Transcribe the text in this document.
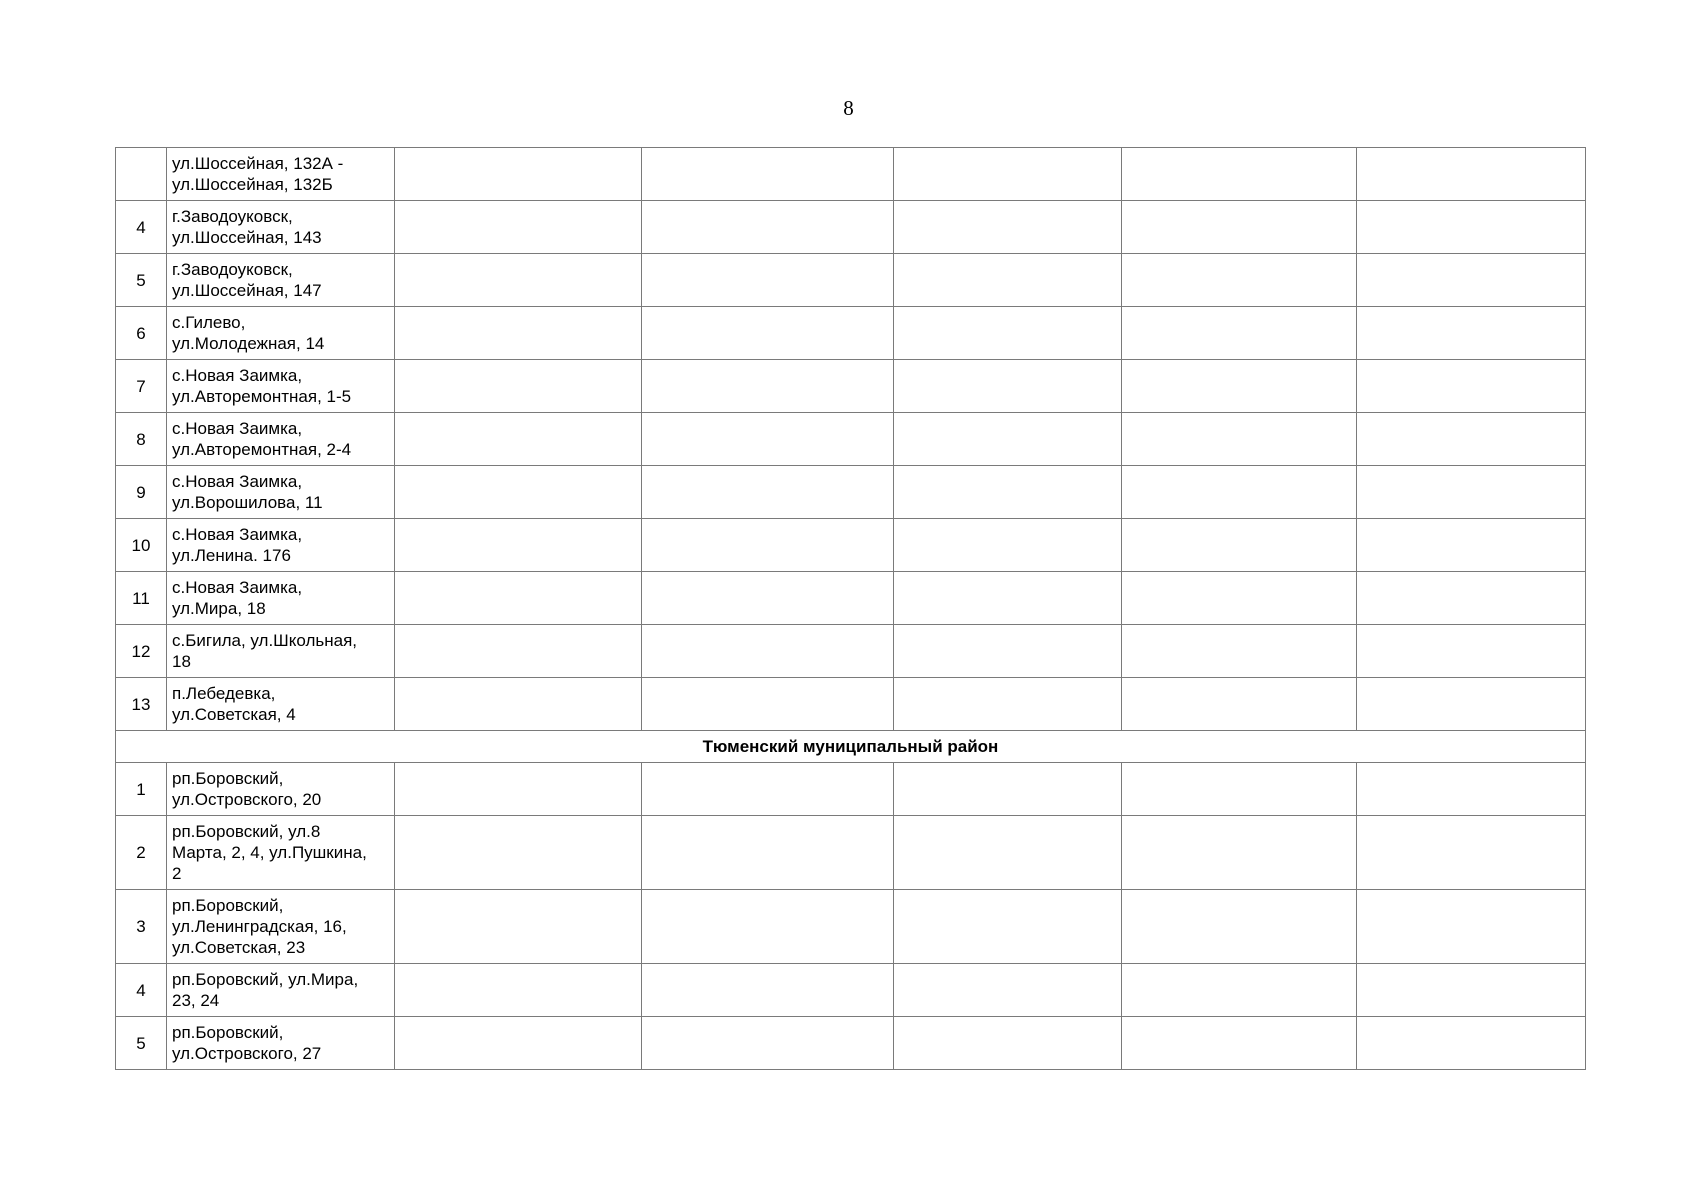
8
	ул.Шоссейная, 132А -
ул.Шоссейная, 132Б					
4	г.Заводоуковск,
ул.Шоссейная, 143					
5	г.Заводоуковск,
ул.Шоссейная, 147					
6	с.Гилево,
ул.Молодежная, 14					
7	с.Новая Заимка,
ул.Авторемонтная, 1-5					
8	с.Новая Заимка,
ул.Авторемонтная, 2-4					
9	с.Новая Заимка,
ул.Ворошилова, 11					
10	с.Новая Заимка,
ул.Ленина. 176					
11	с.Новая Заимка,
ул.Мира, 18					
12	с.Бигила, ул.Школьная,
18					
13	п.Лебедевка,
ул.Советская, 4					
Тюменский муниципальный район						
1	рп.Боровский,
ул.Островского, 20					
2	рп.Боровский, ул.8
Марта, 2, 4, ул.Пушкина,
2					
3	рп.Боровский,
ул.Ленинградская, 16,
ул.Советская, 23					
4	рп.Боровский, ул.Мира,
23, 24					
5	рп.Боровский,
ул.Островского, 27					
